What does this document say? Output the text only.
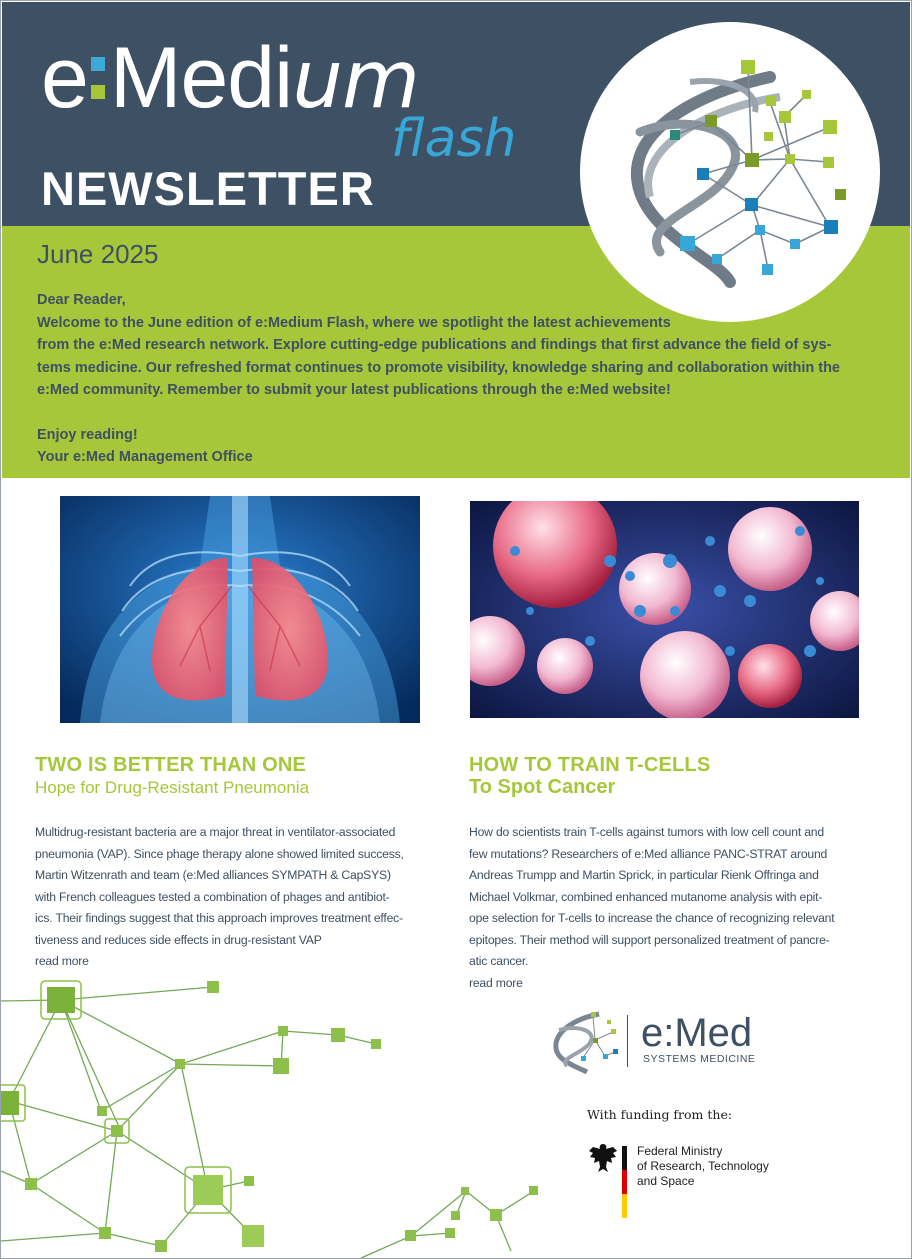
e Medium
flash
NEWSLETTER
June 2025

Dear Reader,

Welcome to the June edition of e:Medium Flash, where we spotlight the latest achievements

from the e:Med research network. Explore cutting-edge publications and findings that first advance the field of sys-

tems medicine. Our refreshed format continues to promote visibility, knowledge sharing and collaboration within the

e:Med community. Remember to submit your latest publications through the e:Med website!

Enjoy reading!

Your e:Med Management Office

TWO IS BETTER THAN ONE
Hope for Drug-Resistant Pneumonia

Multidrug-resistant bacteria are a major threat in ventilator-associated

pneumonia (VAP). Since phage therapy alone showed limited success,

Martin Witzenrath and team (e:Med alliances SYMPATH & CapSYS)

with French colleagues tested a combination of phages and antibiot-

ics. Their findings suggest that this approach improves treatment effec-

tiveness and reduces side effects in drug-resistant VAP

read more

HOW TO TRAIN T-CELLS
To Spot Cancer

How do scientists train T-cells against tumors with low cell count and

few mutations? Researchers of e:Med alliance PANC-STRAT around

Andreas Trumpp and Martin Sprick, in particular Rienk Offringa and

Michael Volkmar, combined enhanced mutanome analysis with epit-

ope selection for T-cells to increase the chance of recognizing relevant

epitopes. Their method will support personalized treatment of pancre-

atic cancer.

read more

e:Med
SYSTEMS MEDICINE
With funding from the:
Federal Ministry
of Research, Technology
and Space
